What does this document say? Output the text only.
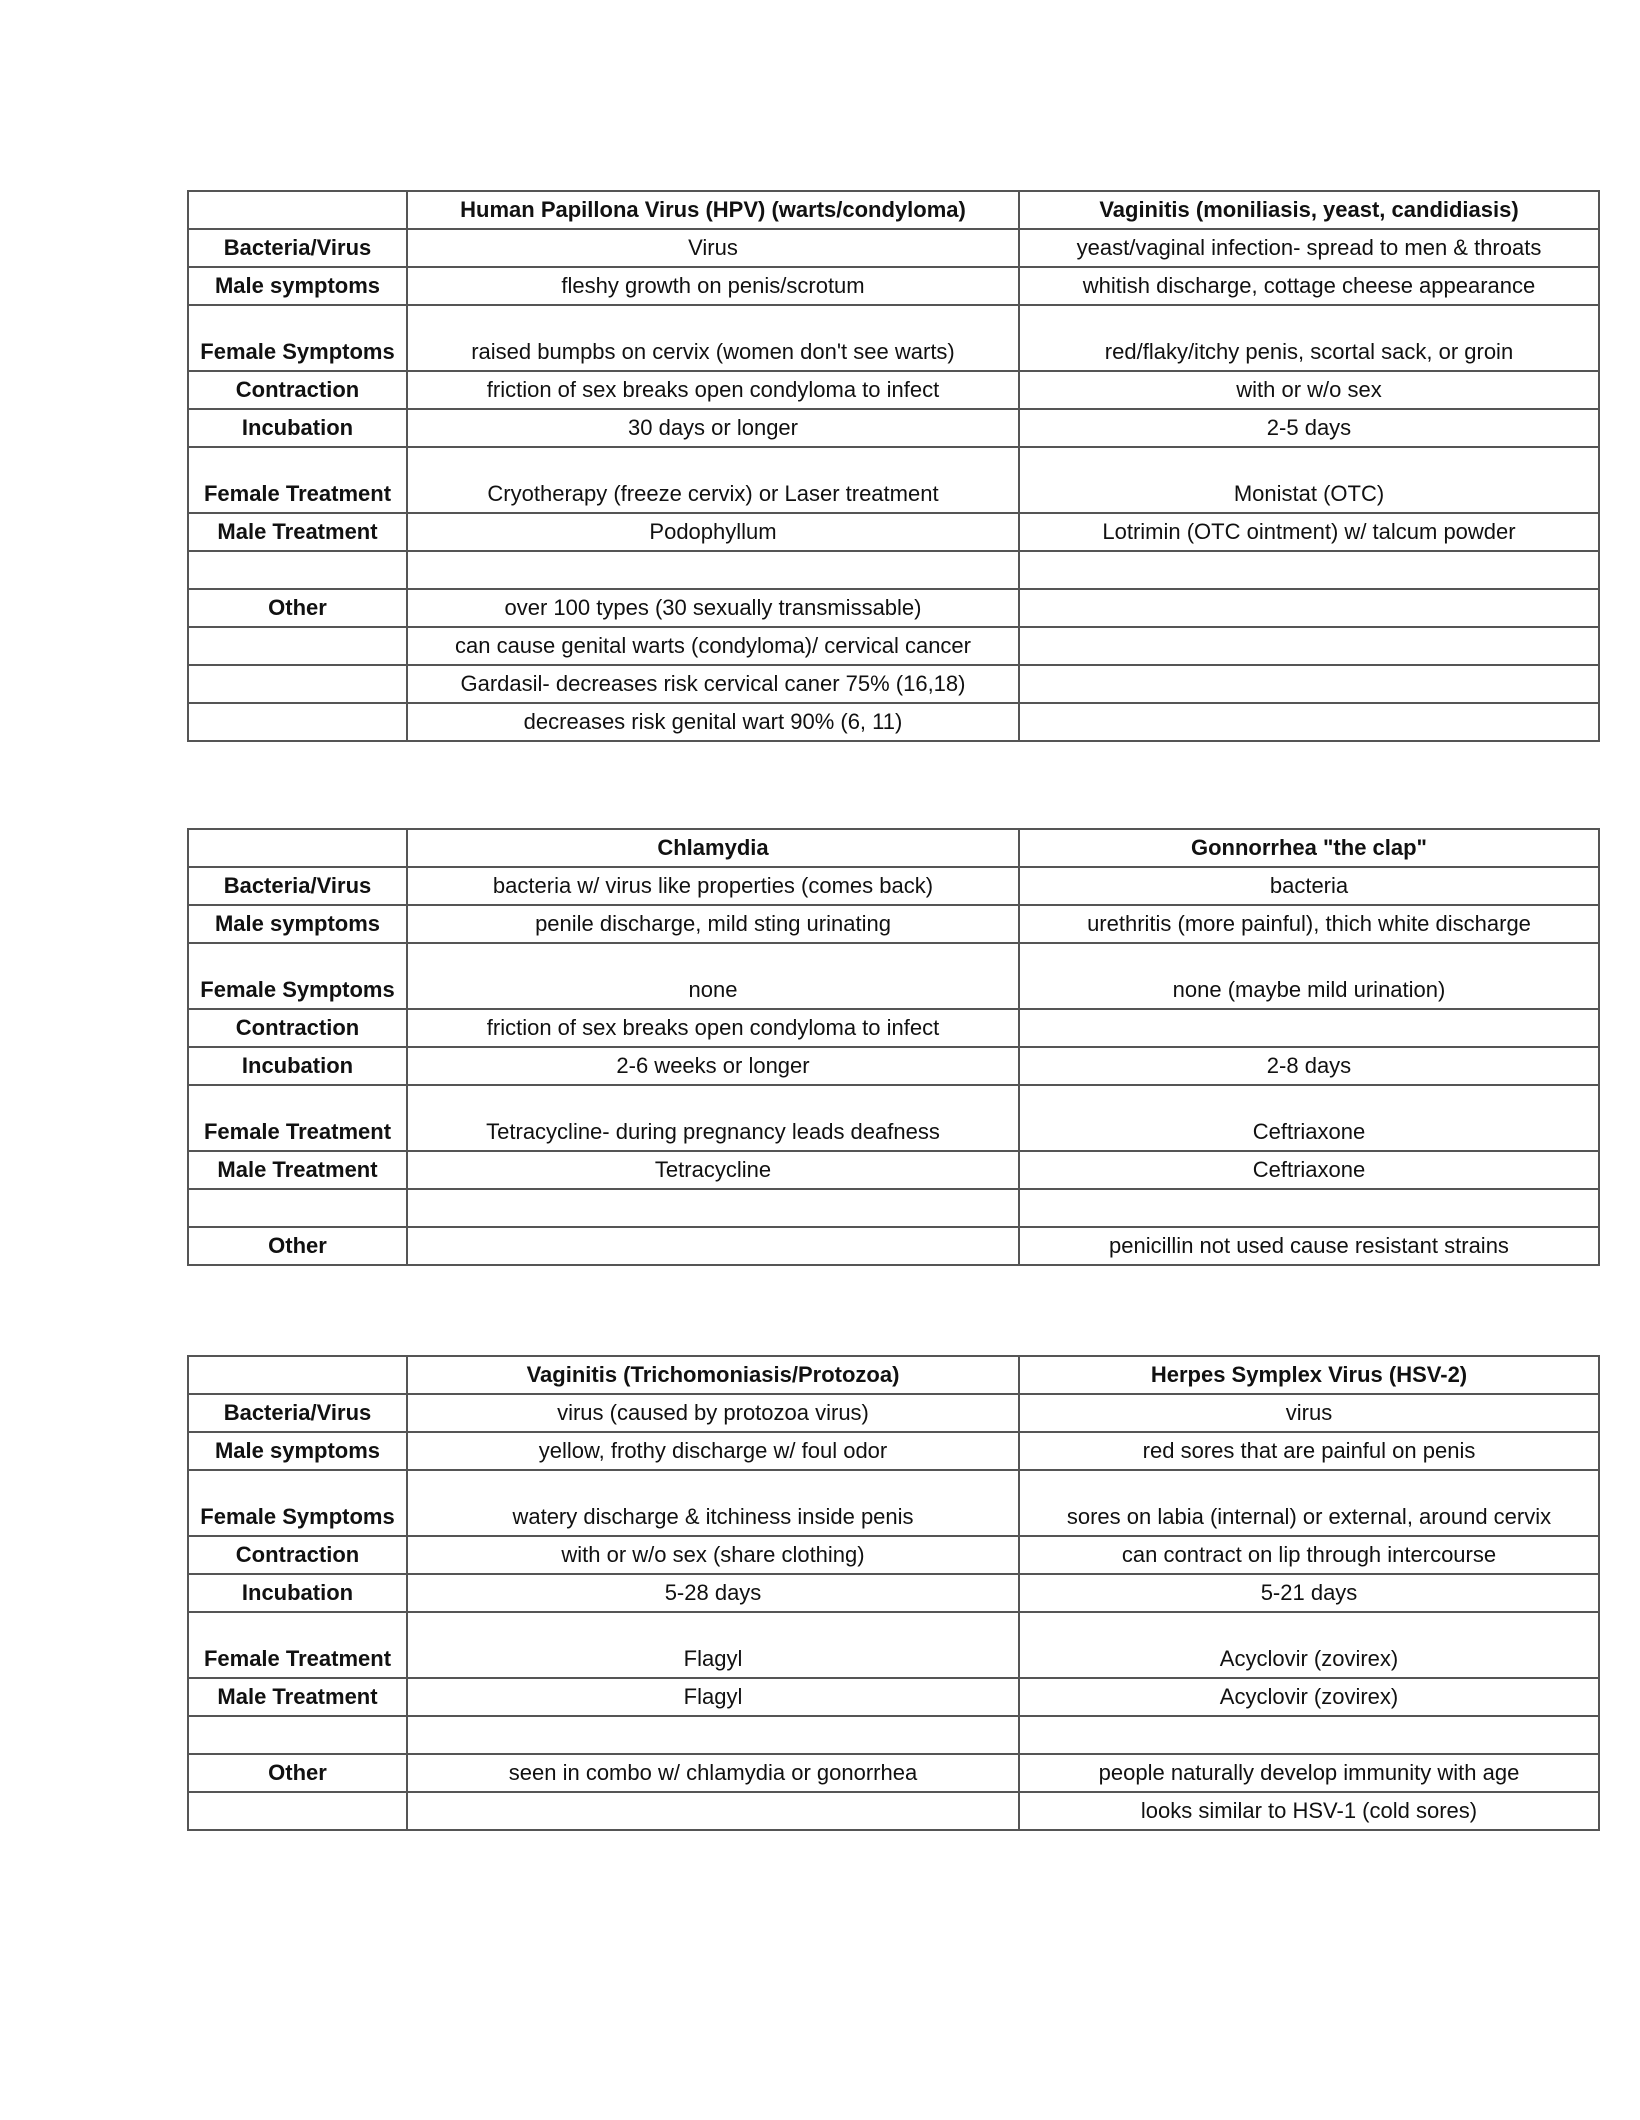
	Human Papillona Virus (HPV) (warts/condyloma)	Vaginitis (moniliasis, yeast, candidiasis)
Bacteria/Virus	Virus	yeast/vaginal infection- spread to men & throats
Male symptoms	fleshy growth on penis/scrotum	whitish discharge, cottage cheese appearance
Female Symptoms	raised bumpbs on cervix (women don't see warts)	red/flaky/itchy penis, scortal sack, or groin
Contraction	friction of sex breaks open condyloma to infect	with or w/o sex
Incubation	30 days or longer	2-5 days
Female Treatment	Cryotherapy (freeze cervix) or Laser treatment	Monistat (OTC)
Male Treatment	Podophyllum	Lotrimin (OTC ointment) w/ talcum powder

Other	over 100 types (30 sexually transmissable)	
	can cause genital warts (condyloma)/ cervical cancer	
	Gardasil- decreases risk cervical caner 75% (16,18)	
	decreases risk genital wart 90% (6, 11)	
	Chlamydia	Gonnorrhea "the clap"
Bacteria/Virus	bacteria w/ virus like properties (comes back)	bacteria
Male symptoms	penile discharge, mild sting urinating	urethritis (more painful), thich white discharge
Female Symptoms	none	none (maybe mild urination)
Contraction	friction of sex breaks open condyloma to infect	
Incubation	2-6 weeks or longer	2-8 days
Female Treatment	Tetracycline- during pregnancy leads deafness	Ceftriaxone
Male Treatment	Tetracycline	Ceftriaxone

Other		penicillin not used cause resistant strains
	Vaginitis (Trichomoniasis/Protozoa)	Herpes Symplex Virus (HSV-2)
Bacteria/Virus	virus (caused by protozoa virus)	virus
Male symptoms	yellow, frothy discharge w/ foul odor	red sores that are painful on penis
Female Symptoms	watery discharge & itchiness inside penis	sores on labia (internal) or external, around cervix
Contraction	with or w/o sex (share clothing)	can contract on lip through intercourse
Incubation	5-28 days	5-21 days
Female Treatment	Flagyl	Acyclovir (zovirex)
Male Treatment	Flagyl	Acyclovir (zovirex)

Other	seen in combo w/ chlamydia or gonorrhea	people naturally develop immunity with age
		looks similar to HSV-1 (cold sores)
